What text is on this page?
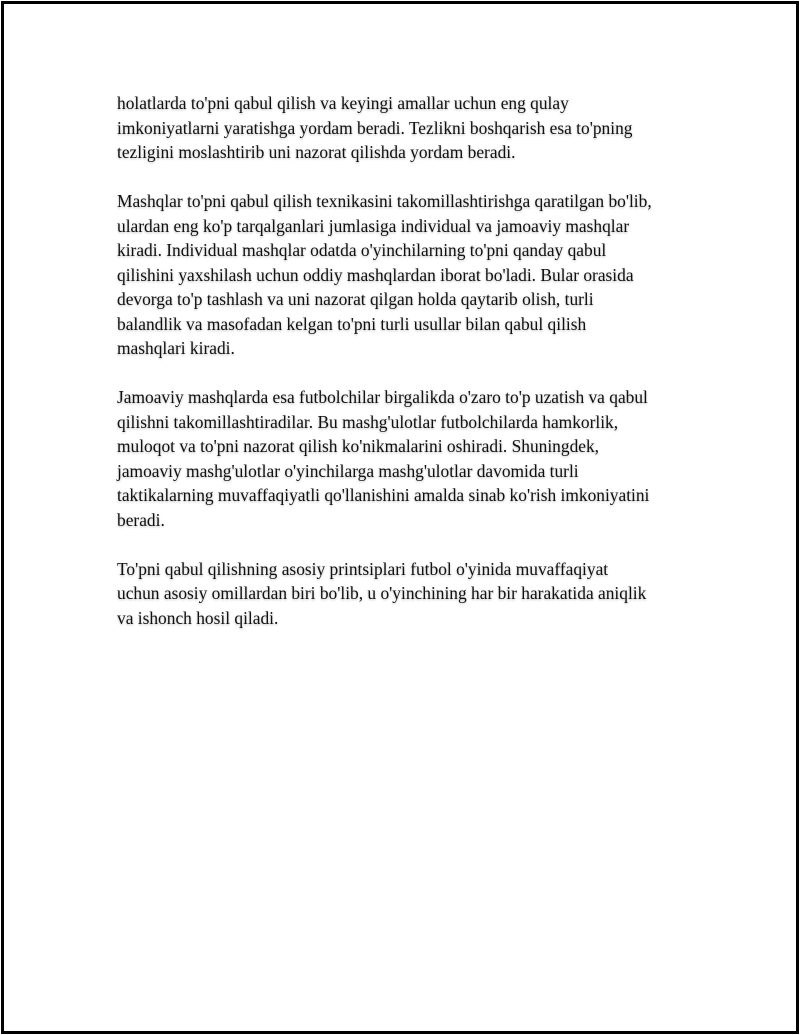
holatlarda to'pni qabul qilish va keyingi amallar uchun eng qulay
imkoniyatlarni yaratishga yordam beradi. Tezlikni boshqarish esa to'pning
tezligini moslashtirib uni nazorat qilishda yordam beradi.

Mashqlar to'pni qabul qilish texnikasini takomillashtirishga qaratilgan bo'lib,
ulardan eng ko'p tarqalganlari jumlasiga individual va jamoaviy mashqlar
kiradi. Individual mashqlar odatda o'yinchilarning to'pni qanday qabul
qilishini yaxshilash uchun oddiy mashqlardan iborat bo'ladi. Bular orasida
devorga to'p tashlash va uni nazorat qilgan holda qaytarib olish, turli
balandlik va masofadan kelgan to'pni turli usullar bilan qabul qilish
mashqlari kiradi.

Jamoaviy mashqlarda esa futbolchilar birgalikda o'zaro to'p uzatish va qabul
qilishni takomillashtiradilar. Bu mashg'ulotlar futbolchilarda hamkorlik,
muloqot va to'pni nazorat qilish ko'nikmalarini oshiradi. Shuningdek,
jamoaviy mashg'ulotlar o'yinchilarga mashg'ulotlar davomida turli
taktikalarning muvaffaqiyatli qo'llanishini amalda sinab ko'rish imkoniyatini
beradi.

To'pni qabul qilishning asosiy printsiplari futbol o'yinida muvaffaqiyat
uchun asosiy omillardan biri bo'lib, u o'yinchining har bir harakatida aniqlik
va ishonch hosil qiladi.
